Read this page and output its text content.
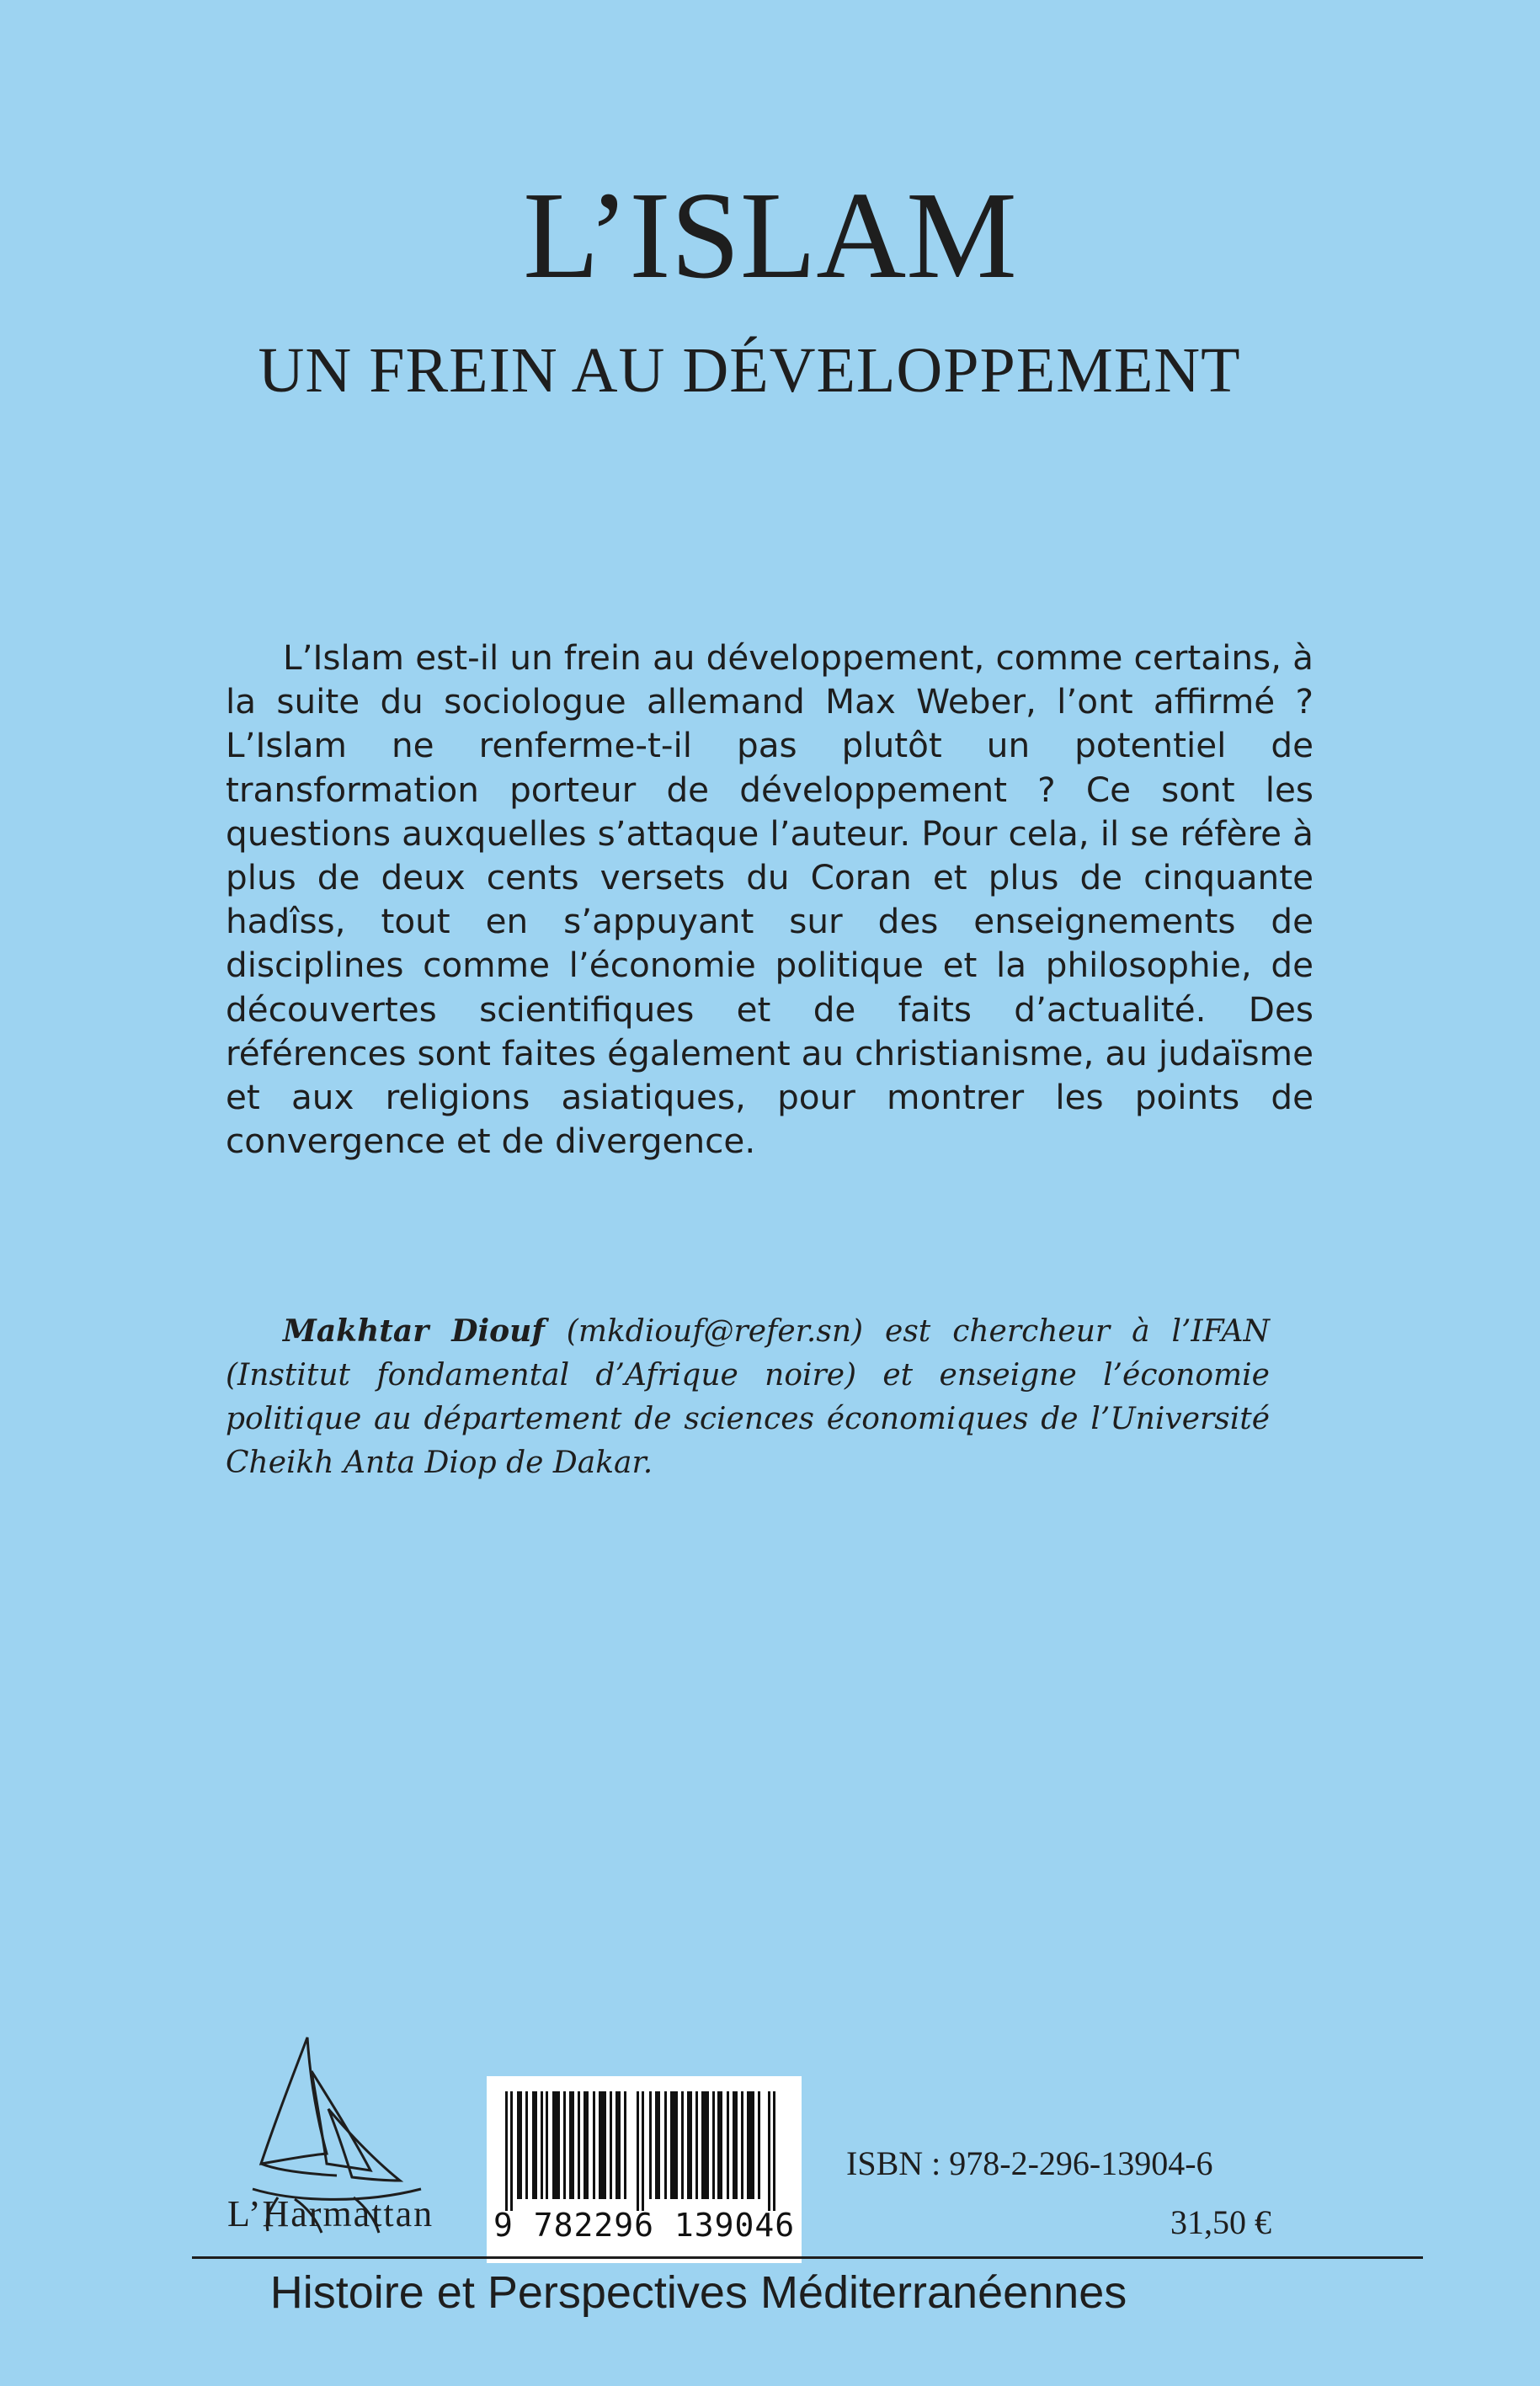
L’ISLAM
UN FREIN AU DÉVELOPPEMENT

L’Islam est-il un frein au développement, comme certains, à la suite du sociologue allemand Max Weber, l’ont affirmé ? L’Islam ne renferme-t-il pas plutôt un potentiel de transformation porteur de développement ? Ce sont les questions auxquelles s’attaque l’auteur. Pour cela, il se réfère à plus de deux cents versets du Coran et plus de cinquante hadîss, tout en s’appuyant sur des enseignements de disciplines comme l’économie politique et la philosophie, de découvertes scientifiques et de faits d’actualité. Des références sont faites également au christianisme, au judaïsme et aux religions asiatiques, pour montrer les points de convergence et de divergence.

Makhtar Diouf (mkdiouf@refer.sn) est chercheur à l’IFAN (Institut fondamental d’Afrique noire) et enseigne l’économie politique au département de sciences économiques de l’Université Cheikh Anta Diop de Dakar.

L’Harmattan	9 782296 139046
ISBN : 978-2-296-13904-6
31,50 €
Histoire et Perspectives Méditerranéennes
